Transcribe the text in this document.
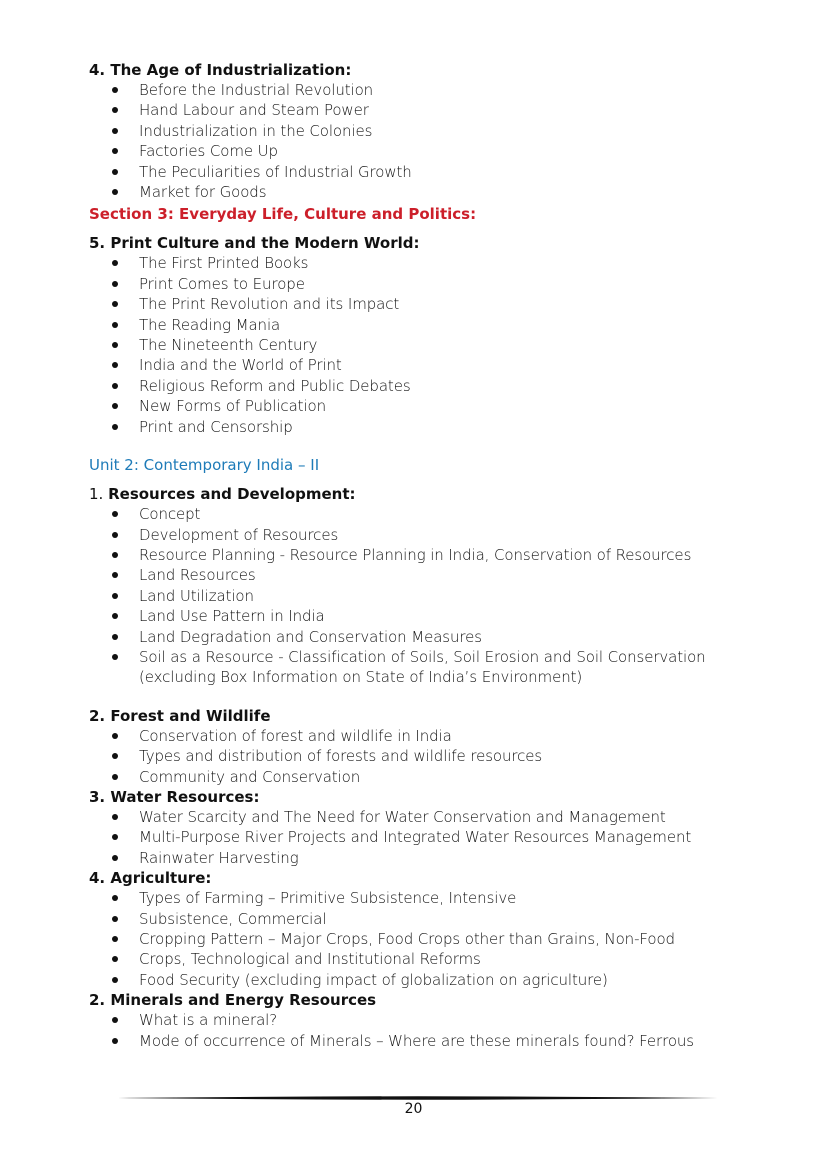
4. The Age of Industrialization:
Before the Industrial Revolution
Hand Labour and Steam Power
Industrialization in the Colonies
Factories Come Up
The Peculiarities of Industrial Growth
Market for Goods
Section 3: Everyday Life, Culture and Politics:
5. Print Culture and the Modern World:
The First Printed Books
Print Comes to Europe
The Print Revolution and its Impact
The Reading Mania
The Nineteenth Century
India and the World of Print
Religious Reform and Public Debates
New Forms of Publication
Print and Censorship
Unit 2: Contemporary India – II
1. Resources and Development:
Concept
Development of Resources
Resource Planning - Resource Planning in India, Conservation of Resources
Land Resources
Land Utilization
Land Use Pattern in India
Land Degradation and Conservation Measures
Soil as a Resource - Classification of Soils, Soil Erosion and Soil Conservation (excluding Box Information on State of India’s Environment)
2. Forest and Wildlife
Conservation of forest and wildlife in India
Types and distribution of forests and wildlife resources
Community and Conservation
3. Water Resources:
Water Scarcity and The Need for Water Conservation and Management
Multi-Purpose River Projects and Integrated Water Resources Management
Rainwater Harvesting
4. Agriculture:
Types of Farming – Primitive Subsistence, Intensive
Subsistence, Commercial
Cropping Pattern – Major Crops, Food Crops other than Grains, Non-Food
Crops, Technological and Institutional Reforms
Food Security (excluding impact of globalization on agriculture)
2. Minerals and Energy Resources
What is a mineral?
Mode of occurrence of Minerals – Where are these minerals found? Ferrous
20
